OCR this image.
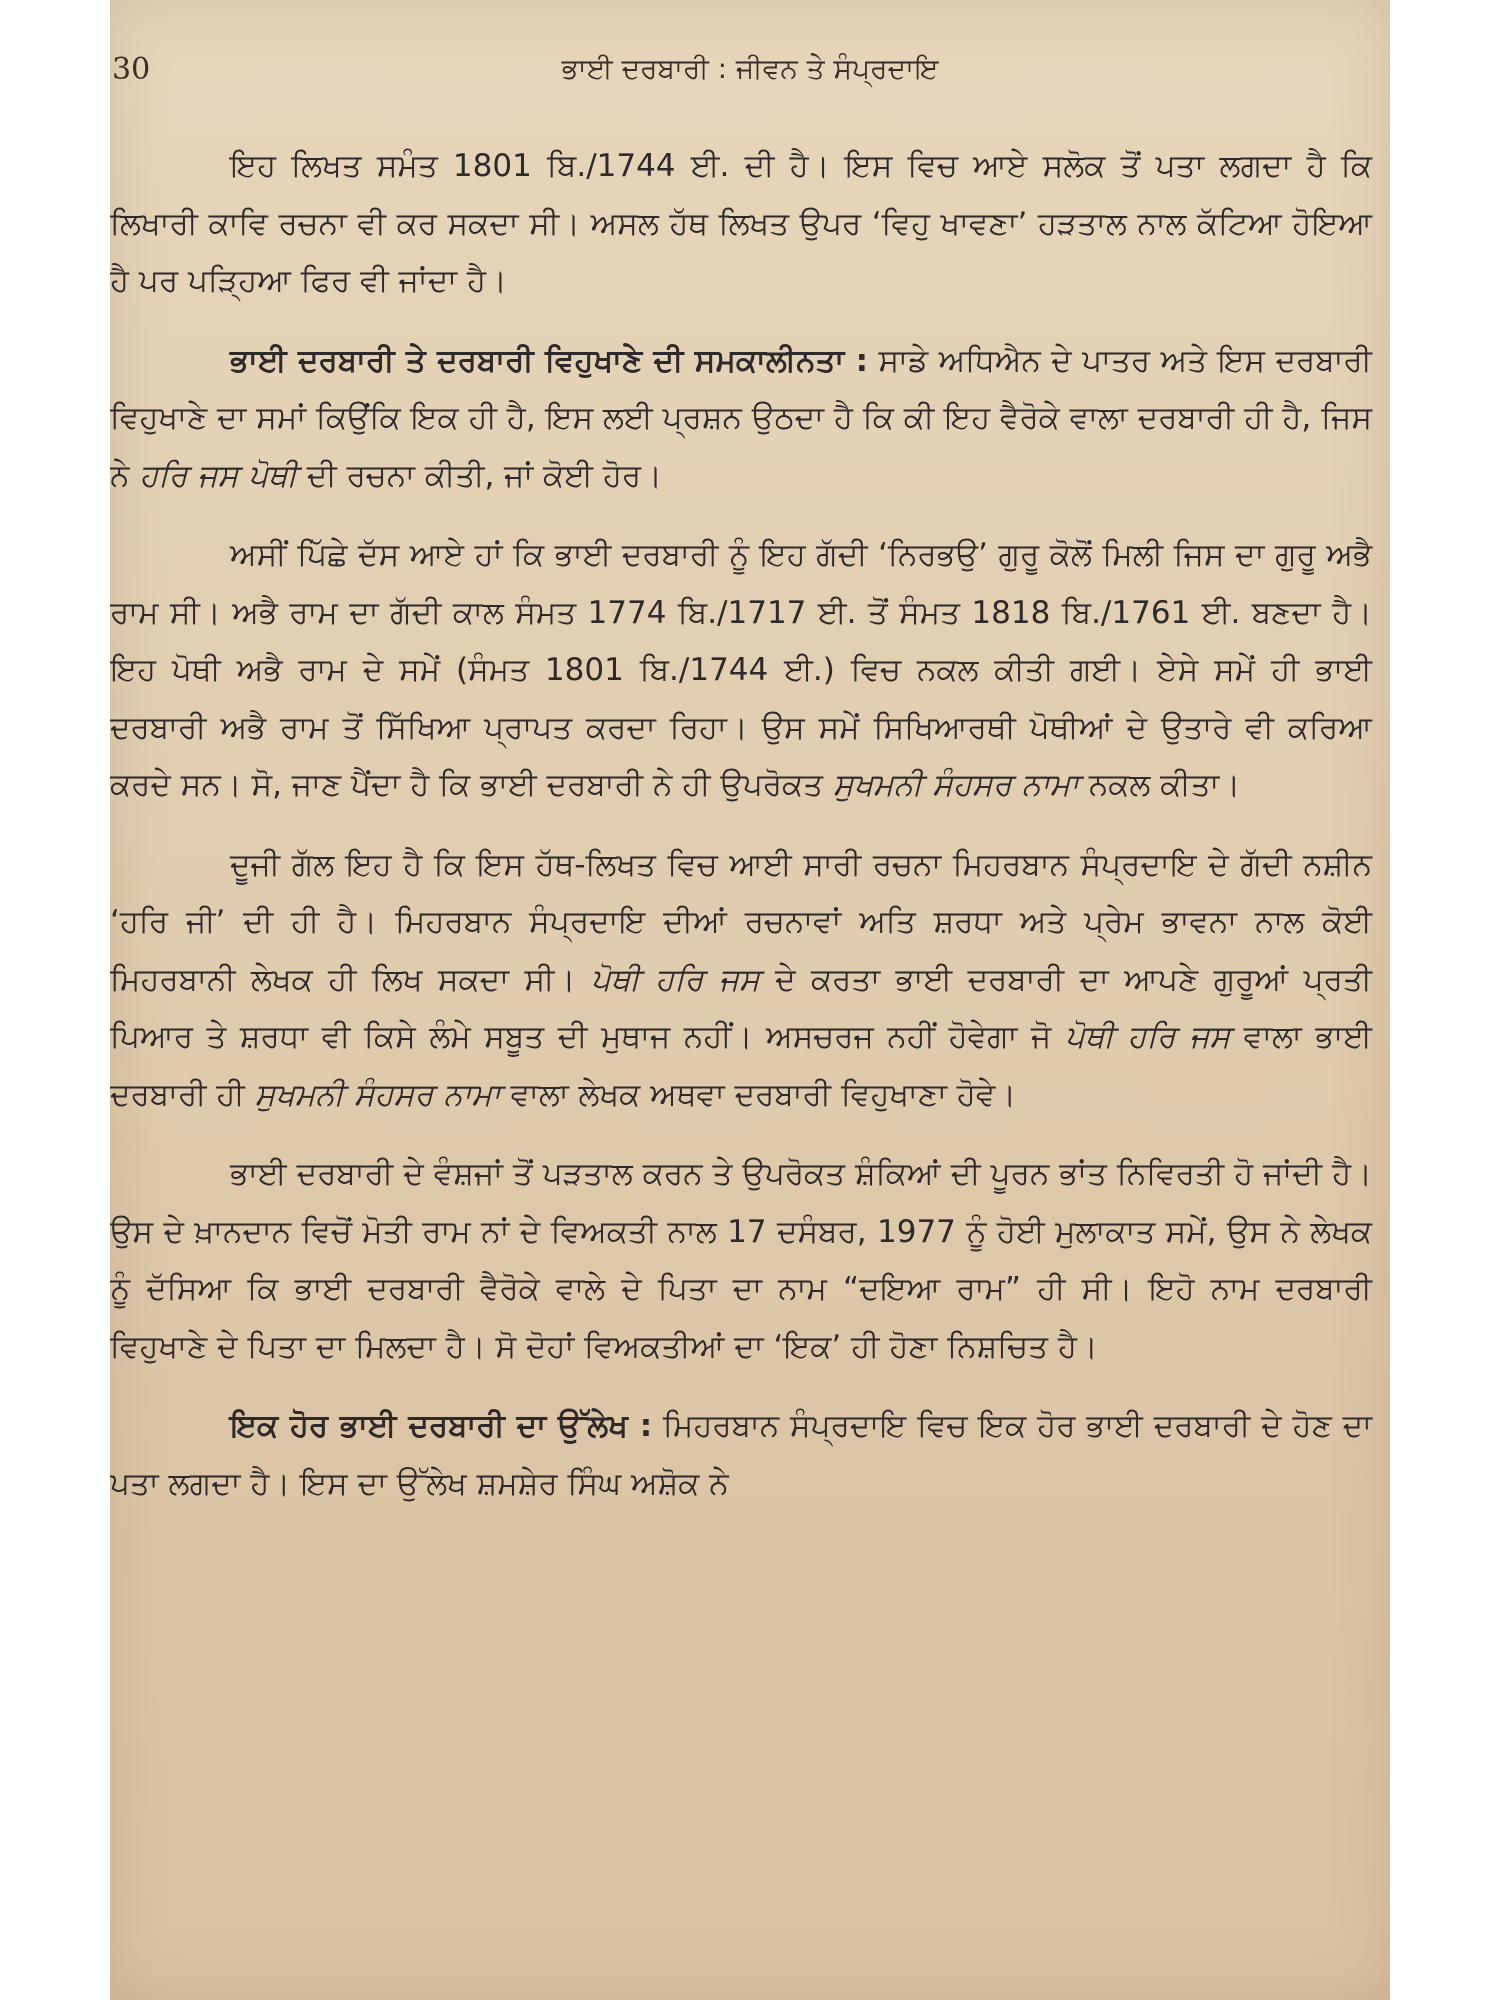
30	ਭਾਈ ਦਰਬਾਰੀ : ਜੀਵਨ ਤੇ ਸੰਪ੍ਰਦਾਇ

ਇਹ ਲਿਖਤ ਸਮੰਤ 1801 ਬਿ./1744 ਈ. ਦੀ ਹੈ। ਇਸ ਵਿਚ ਆਏ ਸਲੋਕ ਤੋਂ ਪਤਾ ਲਗਦਾ ਹੈ ਕਿ ਲਿਖਾਰੀ ਕਾਵਿ ਰਚਨਾ ਵੀ ਕਰ ਸਕਦਾ ਸੀ। ਅਸਲ ਹੱਥ ਲਿਖਤ ਉਪਰ ‘ਵਿਹੁ ਖਾਵਣਾ’ ਹੜਤਾਲ ਨਾਲ ਕੱਟਿਆ ਹੋਇਆ ਹੈ ਪਰ ਪੜ੍ਹਿਆ ਫਿਰ ਵੀ ਜਾਂਦਾ ਹੈ।

ਭਾਈ ਦਰਬਾਰੀ ਤੇ ਦਰਬਾਰੀ ਵਿਹੁਖਾਣੇ ਦੀ ਸਮਕਾਲੀਨਤਾ : ਸਾਡੇ ਅਧਿਐਨ ਦੇ ਪਾਤਰ ਅਤੇ ਇਸ ਦਰਬਾਰੀ ਵਿਹੁਖਾਣੇ ਦਾ ਸਮਾਂ ਕਿਉਂਕਿ ਇਕ ਹੀ ਹੈ, ਇਸ ਲਈ ਪ੍ਰਸ਼ਨ ਉਠਦਾ ਹੈ ਕਿ ਕੀ ਇਹ ਵੈਰੋਕੇ ਵਾਲਾ ਦਰਬਾਰੀ ਹੀ ਹੈ, ਜਿਸ ਨੇ ਹਰਿ ਜਸ ਪੋਥੀ ਦੀ ਰਚਨਾ ਕੀਤੀ, ਜਾਂ ਕੋਈ ਹੋਰ।

ਅਸੀਂ ਪਿੱਛੇ ਦੱਸ ਆਏ ਹਾਂ ਕਿ ਭਾਈ ਦਰਬਾਰੀ ਨੂੰ ਇਹ ਗੱਦੀ ‘ਨਿਰਭਉ’ ਗੁਰੂ ਕੋਲੋਂ ਮਿਲੀ ਜਿਸ ਦਾ ਗੁਰੂ ਅਭੈ ਰਾਮ ਸੀ। ਅਭੈ ਰਾਮ ਦਾ ਗੱਦੀ ਕਾਲ ਸੰਮਤ 1774 ਬਿ./1717 ਈ. ਤੋਂ ਸੰਮਤ 1818 ਬਿ./1761 ਈ. ਬਣਦਾ ਹੈ। ਇਹ ਪੋਥੀ ਅਭੈ ਰਾਮ ਦੇ ਸਮੇਂ (ਸੰਮਤ 1801 ਬਿ./1744 ਈ.) ਵਿਚ ਨਕਲ ਕੀਤੀ ਗਈ। ਏਸੇ ਸਮੇਂ ਹੀ ਭਾਈ ਦਰਬਾਰੀ ਅਭੈ ਰਾਮ ਤੋਂ ਸਿੱਖਿਆ ਪ੍ਰਾਪਤ ਕਰਦਾ ਰਿਹਾ। ਉਸ ਸਮੇਂ ਸਿਖਿਆਰਥੀ ਪੋਥੀਆਂ ਦੇ ਉਤਾਰੇ ਵੀ ਕਰਿਆ ਕਰਦੇ ਸਨ। ਸੋ, ਜਾਣ ਪੈਂਦਾ ਹੈ ਕਿ ਭਾਈ ਦਰਬਾਰੀ ਨੇ ਹੀ ਉਪਰੋਕਤ ਸੁਖਮਨੀ ਸੰਹਸਰ ਨਾਮਾ ਨਕਲ ਕੀਤਾ।

ਦੂਜੀ ਗੱਲ ਇਹ ਹੈ ਕਿ ਇਸ ਹੱਥ-ਲਿਖਤ ਵਿਚ ਆਈ ਸਾਰੀ ਰਚਨਾ ਮਿਹਰਬਾਨ ਸੰਪ੍ਰਦਾਇ ਦੇ ਗੱਦੀ ਨਸ਼ੀਨ ‘ਹਰਿ ਜੀ’ ਦੀ ਹੀ ਹੈ। ਮਿਹਰਬਾਨ ਸੰਪ੍ਰਦਾਇ ਦੀਆਂ ਰਚਨਾਵਾਂ ਅਤਿ ਸ਼ਰਧਾ ਅਤੇ ਪ੍ਰੇਮ ਭਾਵਨਾ ਨਾਲ ਕੋਈ ਮਿਹਰਬਾਨੀ ਲੇਖਕ ਹੀ ਲਿਖ ਸਕਦਾ ਸੀ। ਪੋਥੀ ਹਰਿ ਜਸ ਦੇ ਕਰਤਾ ਭਾਈ ਦਰਬਾਰੀ ਦਾ ਆਪਣੇ ਗੁਰੂਆਂ ਪ੍ਰਤੀ ਪਿਆਰ ਤੇ ਸ਼ਰਧਾ ਵੀ ਕਿਸੇ ਲੰਮੇ ਸਬੂਤ ਦੀ ਮੁਥਾਜ ਨਹੀਂ। ਅਸਚਰਜ ਨਹੀਂ ਹੋਵੇਗਾ ਜੋ ਪੋਥੀ ਹਰਿ ਜਸ ਵਾਲਾ ਭਾਈ ਦਰਬਾਰੀ ਹੀ ਸੁਖਮਨੀ ਸੰਹਸਰ ਨਾਮਾ ਵਾਲਾ ਲੇਖਕ ਅਥਵਾ ਦਰਬਾਰੀ ਵਿਹੁਖਾਣਾ ਹੋਵੇ।

ਭਾਈ ਦਰਬਾਰੀ ਦੇ ਵੰਸ਼ਜਾਂ ਤੋਂ ਪੜਤਾਲ ਕਰਨ ਤੇ ਉਪਰੋਕਤ ਸ਼ੰਕਿਆਂ ਦੀ ਪੂਰਨ ਭਾਂਤ ਨਿਵਿਰਤੀ ਹੋ ਜਾਂਦੀ ਹੈ। ਉਸ ਦੇ ਖ਼ਾਨਦਾਨ ਵਿਚੋਂ ਮੋਤੀ ਰਾਮ ਨਾਂ ਦੇ ਵਿਅਕਤੀ ਨਾਲ 17 ਦਸੰਬਰ, 1977 ਨੂੰ ਹੋਈ ਮੁਲਾਕਾਤ ਸਮੇਂ, ਉਸ ਨੇ ਲੇਖਕ ਨੂੰ ਦੱਸਿਆ ਕਿ ਭਾਈ ਦਰਬਾਰੀ ਵੈਰੋਕੇ ਵਾਲੇ ਦੇ ਪਿਤਾ ਦਾ ਨਾਮ “ਦਇਆ ਰਾਮ” ਹੀ ਸੀ। ਇਹੋ ਨਾਮ ਦਰਬਾਰੀ ਵਿਹੁਖਾਣੇ ਦੇ ਪਿਤਾ ਦਾ ਮਿਲਦਾ ਹੈ। ਸੋ ਦੋਹਾਂ ਵਿਅਕਤੀਆਂ ਦਾ ‘ਇਕ’ ਹੀ ਹੋਣਾ ਨਿਸ਼ਚਿਤ ਹੈ।

ਇਕ ਹੋਰ ਭਾਈ ਦਰਬਾਰੀ ਦਾ ਉੱਲੇਖ : ਮਿਹਰਬਾਨ ਸੰਪ੍ਰਦਾਇ ਵਿਚ ਇਕ ਹੋਰ ਭਾਈ ਦਰਬਾਰੀ ਦੇ ਹੋਣ ਦਾ ਪਤਾ ਲਗਦਾ ਹੈ। ਇਸ ਦਾ ਉੱਲੇਖ ਸ਼ਮਸ਼ੇਰ ਸਿੰਘ ਅਸ਼ੋਕ ਨੇ
